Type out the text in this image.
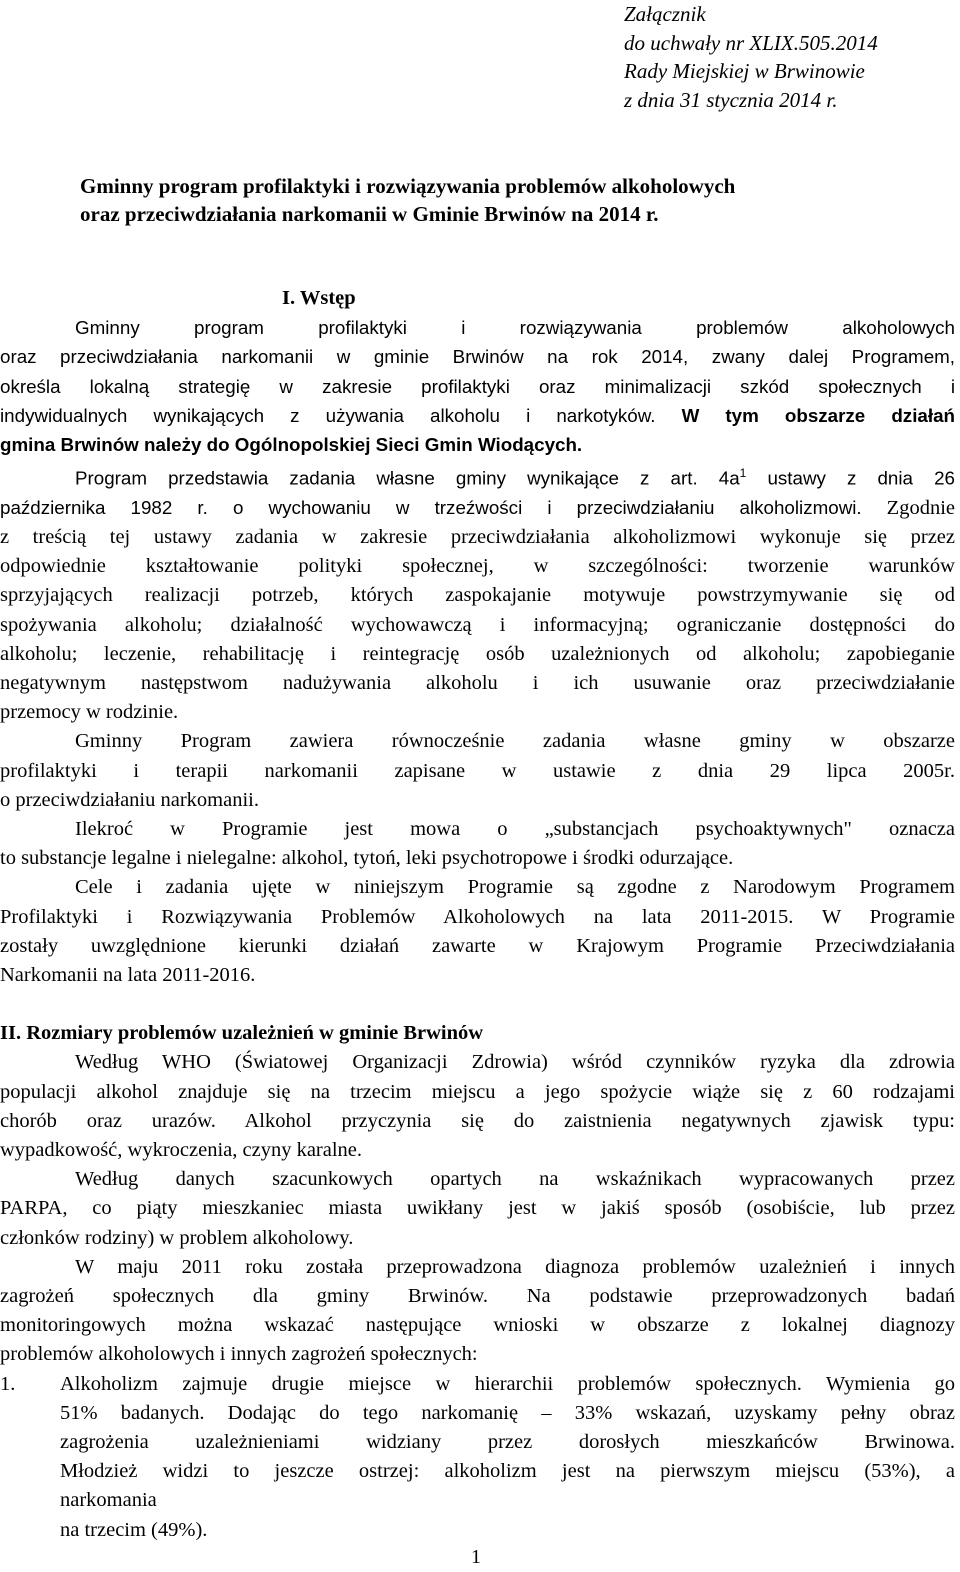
Załącznik
do uchwały nr XLIX.505.2014
Rady Miejskiej w Brwinowie
z dnia 31 stycznia 2014 r.
Gminny program profilaktyki i rozwiązywania problemów alkoholowych
oraz przeciwdziałania narkomanii w Gminie Brwinów na 2014 r.
I. Wstęp
Gminny program profilaktyki i rozwiązywania problemów alkoholowych
oraz przeciwdziałania narkomanii w gminie Brwinów na rok 2014, zwany dalej Programem,
określa lokalną strategię w zakresie profilaktyki oraz minimalizacji szkód społecznych i
indywidualnych wynikających z używania alkoholu i narkotyków. W tym obszarze działań
gmina Brwinów należy do Ogólnopolskiej Sieci Gmin Wiodących.
Program przedstawia zadania własne gminy wynikające z art. $4a^1$ ustawy z dnia 26
października 1982 r. o wychowaniu w trzeźwości i przeciwdziałaniu alkoholizmowi. Zgodnie
z treścią tej ustawy zadania w zakresie przeciwdziałania alkoholizmowi wykonuje się przez
odpowiednie kształtowanie polityki społecznej, w szczególności: tworzenie warunków
sprzyjających realizacji potrzeb, których zaspokajanie motywuje powstrzymywanie się od
spożywania alkoholu; działalność wychowawczą i informacyjną; ograniczanie dostępności do
alkoholu; leczenie, rehabilitację i reintegrację osób uzależnionych od alkoholu; zapobieganie
negatywnym następstwom nadużywania alkoholu i ich usuwanie oraz przeciwdziałanie
przemocy w rodzinie.
Gminny Program zawiera równocześnie zadania własne gminy w obszarze
profilaktyki i terapii narkomanii zapisane w ustawie z dnia 29 lipca 2005r.
o przeciwdziałaniu narkomanii.
Ilekroć w Programie jest mowa o „substancjach psychoaktywnych" oznacza
to substancje legalne i nielegalne: alkohol, tytoń, leki psychotropowe i środki odurzające.
Cele i zadania ujęte w niniejszym Programie są zgodne z Narodowym Programem
Profilaktyki i Rozwiązywania Problemów Alkoholowych na lata 2011-2015. W Programie
zostały uwzględnione kierunki działań zawarte w Krajowym Programie Przeciwdziałania
Narkomanii na lata 2011-2016.
II. Rozmiary problemów uzależnień w gminie Brwinów
Według WHO (Światowej Organizacji Zdrowia) wśród czynników ryzyka dla zdrowia
populacji alkohol znajduje się na trzecim miejscu a jego spożycie wiąże się z 60 rodzajami
chorób oraz urazów. Alkohol przyczynia się do zaistnienia negatywnych zjawisk typu:
wypadkowość, wykroczenia, czyny karalne.
Według danych szacunkowych opartych na wskaźnikach wypracowanych przez
PARPA, co piąty mieszkaniec miasta uwikłany jest w jakiś sposób (osobiście, lub przez
członków rodziny) w problem alkoholowy.
W maju 2011 roku została przeprowadzona diagnoza problemów uzależnień i innych
zagrożeń społecznych dla gminy Brwinów. Na podstawie przeprowadzonych badań
monitoringowych można wskazać następujące wnioski w obszarze z lokalnej diagnozy
problemów alkoholowych i innych zagrożeń społecznych:
1. Alkoholizm zajmuje drugie miejsce w hierarchii problemów społecznych. Wymienia go
51% badanych. Dodając do tego narkomanię – 33% wskazań, uzyskamy pełny obraz
zagrożenia uzależnieniami widziany przez dorosłych mieszkańców Brwinowa.
Młodzież widzi to jeszcze ostrzej: alkoholizm jest na pierwszym miejscu (53%), a
narkomania
na trzecim (49%).
1
